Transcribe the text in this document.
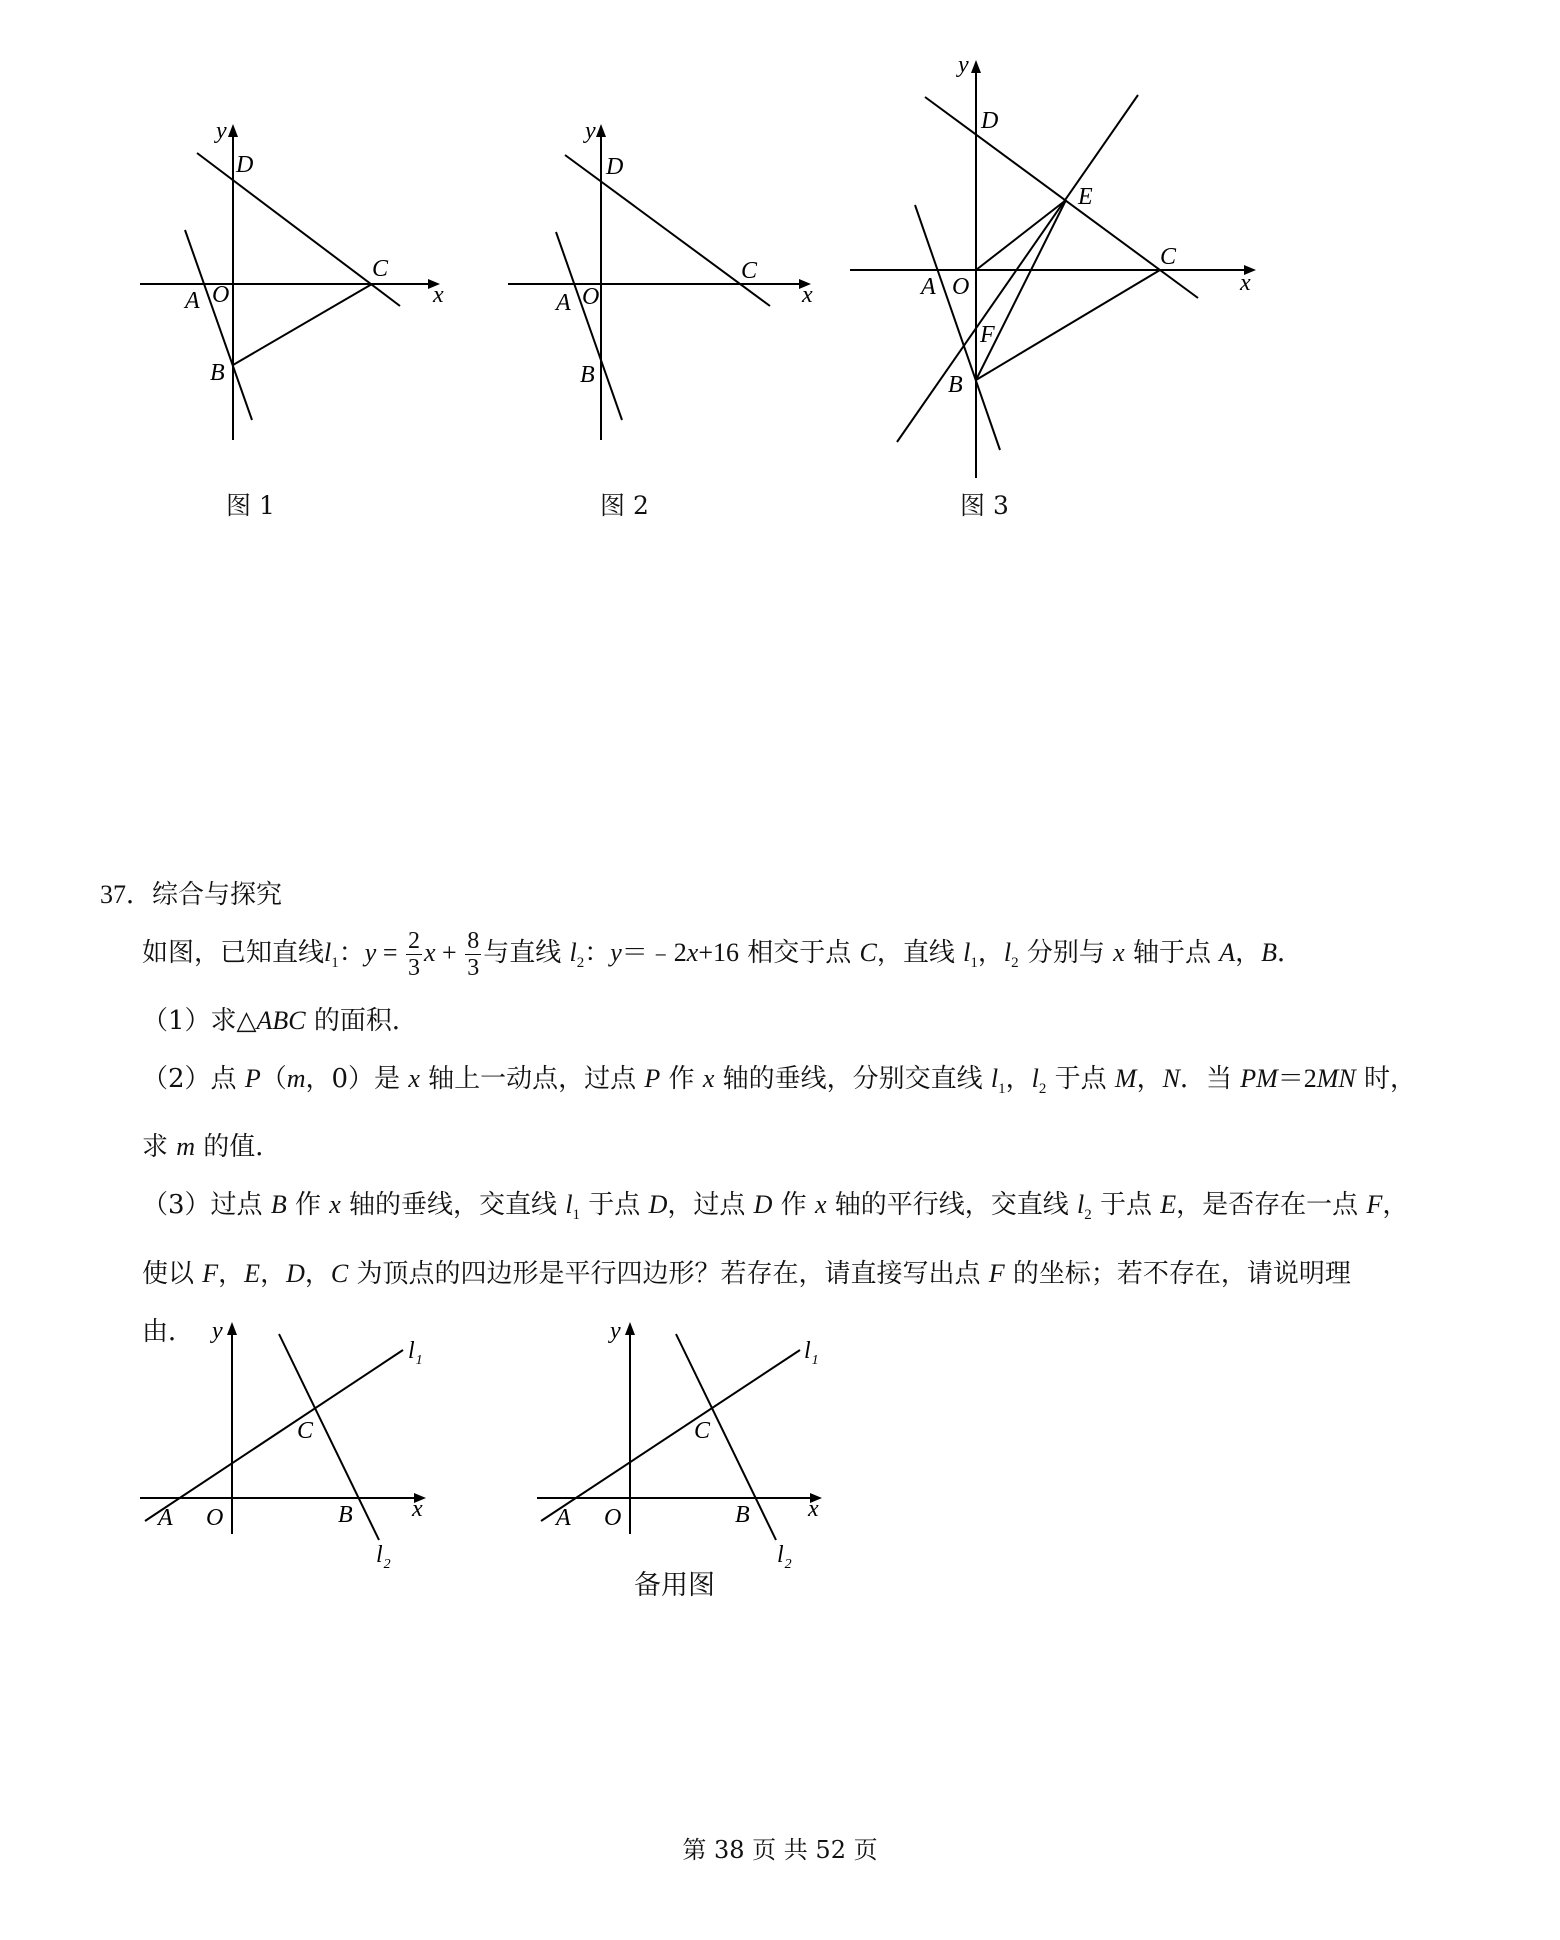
x
y
D
C
A O
B
图 1
x
y
D
C
A O
B
图 2
x
y
D
E
C
A O
F
B
图 3

37．综合与探究

如图，已知直线$l_1$：$y = \frac{2}{3}$ $x + \frac{8}{3}$ 与直线 $l_2$：y＝﹣2x+16 相交于点 C，直线 $l_1$，$l_2$ 分别与 x 轴于点 A，B．

（1）求△ABC 的面积．

（2）点 P（m，0）是 x 轴上一动点，过点 P 作 x 轴的垂线，分别交直线 $l_1$，$l_2$ 于点 M，N．当 PM＝2MN 时，

求 m 的值．

（3）过点 B 作 x 轴的垂线，交直线 $l_1$ 于点 D，过点 D 作 x 轴的平行线，交直线 $l_2$ 于点 E，是否存在一点 F，

使以 F，E，D，C 为顶点的四边形是平行四边形？若存在，请直接写出点 F 的坐标；若不存在，请说明理

由．

$l_1$
$l_2$
C
A O	B x
y
$l_1$
$l_2$
C
A O	B x
y
备用图
第 38 页 共 52 页
